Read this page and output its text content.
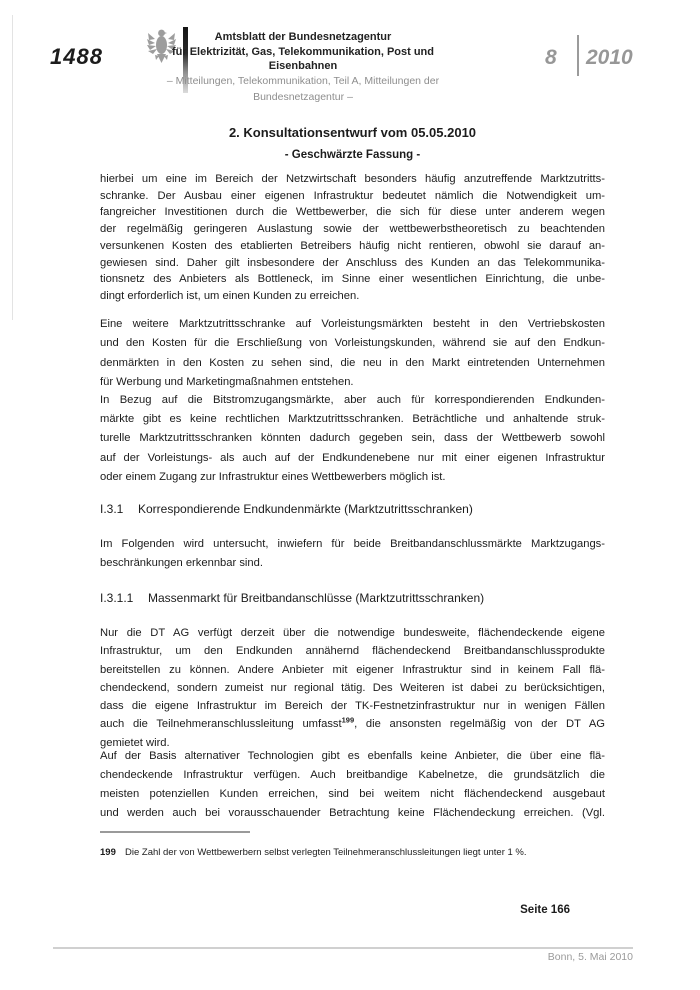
1488
Amtsblatt der Bundesnetzagentur
für Elektrizität, Gas, Telekommunikation, Post und Eisenbahnen
– Mitteilungen, Telekommunikation, Teil A, Mitteilungen der Bundesnetzagentur –
8 2010
2. Konsultationsentwurf vom 05.05.2010
- Geschwärzte Fassung -
hierbei um eine im Bereich der Netzwirtschaft besonders häufig anzutreffende Marktzutritts-
schranke. Der Ausbau einer eigenen Infrastruktur bedeutet nämlich die Notwendigkeit um-
fangreicher Investitionen durch die Wettbewerber, die sich für diese unter anderem wegen
der regelmäßig geringeren Auslastung sowie der wettbewerbstheoretisch zu beachtenden
versunkenen Kosten des etablierten Betreibers häufig nicht rentieren, obwohl sie darauf an-
gewiesen sind. Daher gilt insbesondere der Anschluss des Kunden an das Telekommunika-
tionsnetz des Anbieters als Bottleneck, im Sinne einer wesentlichen Einrichtung, die unbe-
dingt erforderlich ist, um einen Kunden zu erreichen.
Eine weitere Marktzutrittsschranke auf Vorleistungsmärkten besteht in den Vertriebskosten
und den Kosten für die Erschließung von Vorleistungskunden, während sie auf den Endkun-
denmärkten in den Kosten zu sehen sind, die neu in den Markt eintretenden Unternehmen
für Werbung und Marketingmaßnahmen entstehen.
In Bezug auf die Bitstromzugangsmärkte, aber auch für korrespondierenden Endkunden-
märkte gibt es keine rechtlichen Marktzutrittsschranken. Beträchtliche und anhaltende struk-
turelle Marktzutrittsschranken könnten dadurch gegeben sein, dass der Wettbewerb sowohl
auf der Vorleistungs- als auch auf der Endkundenebene nur mit einer eigenen Infrastruktur
oder einem Zugang zur Infrastruktur eines Wettbewerbers möglich ist.
I.3.1 Korrespondierende Endkundenmärkte (Marktzutrittsschranken)
Im Folgenden wird untersucht, inwiefern für beide Breitbandanschlussmärkte Marktzugangs-
beschränkungen erkennbar sind.
I.3.1.1 Massenmarkt für Breitbandanschlüsse (Marktzutrittsschranken)
Nur die DT AG verfügt derzeit über die notwendige bundesweite, flächendeckende eigene
Infrastruktur, um den Endkunden annähernd flächendeckend Breitbandanschlussprodukte
bereitstellen zu können. Andere Anbieter mit eigener Infrastruktur sind in keinem Fall flä-
chendeckend, sondern zumeist nur regional tätig. Des Weiteren ist dabei zu berücksichtigen,
dass die eigene Infrastruktur im Bereich der TK-Festnetzinfrastruktur nur in wenigen Fällen
auch die Teilnehmeranschlussleitung umfasst$^{199}$, die ansonsten regelmäßig von der DT AG
gemietet wird.
Auf der Basis alternativer Technologien gibt es ebenfalls keine Anbieter, die über eine flä-
chendeckende Infrastruktur verfügen. Auch breitbandige Kabelnetze, die grundsätzlich die
meisten potenziellen Kunden erreichen, sind bei weitem nicht flächendeckend ausgebaut
und werden auch bei vorausschauender Betrachtung keine Flächendeckung erreichen. (Vgl.
199 Die Zahl der von Wettbewerbern selbst verlegten Teilnehmeranschlussleitungen liegt unter 1 %.
Seite 166
Bonn, 5. Mai 2010
